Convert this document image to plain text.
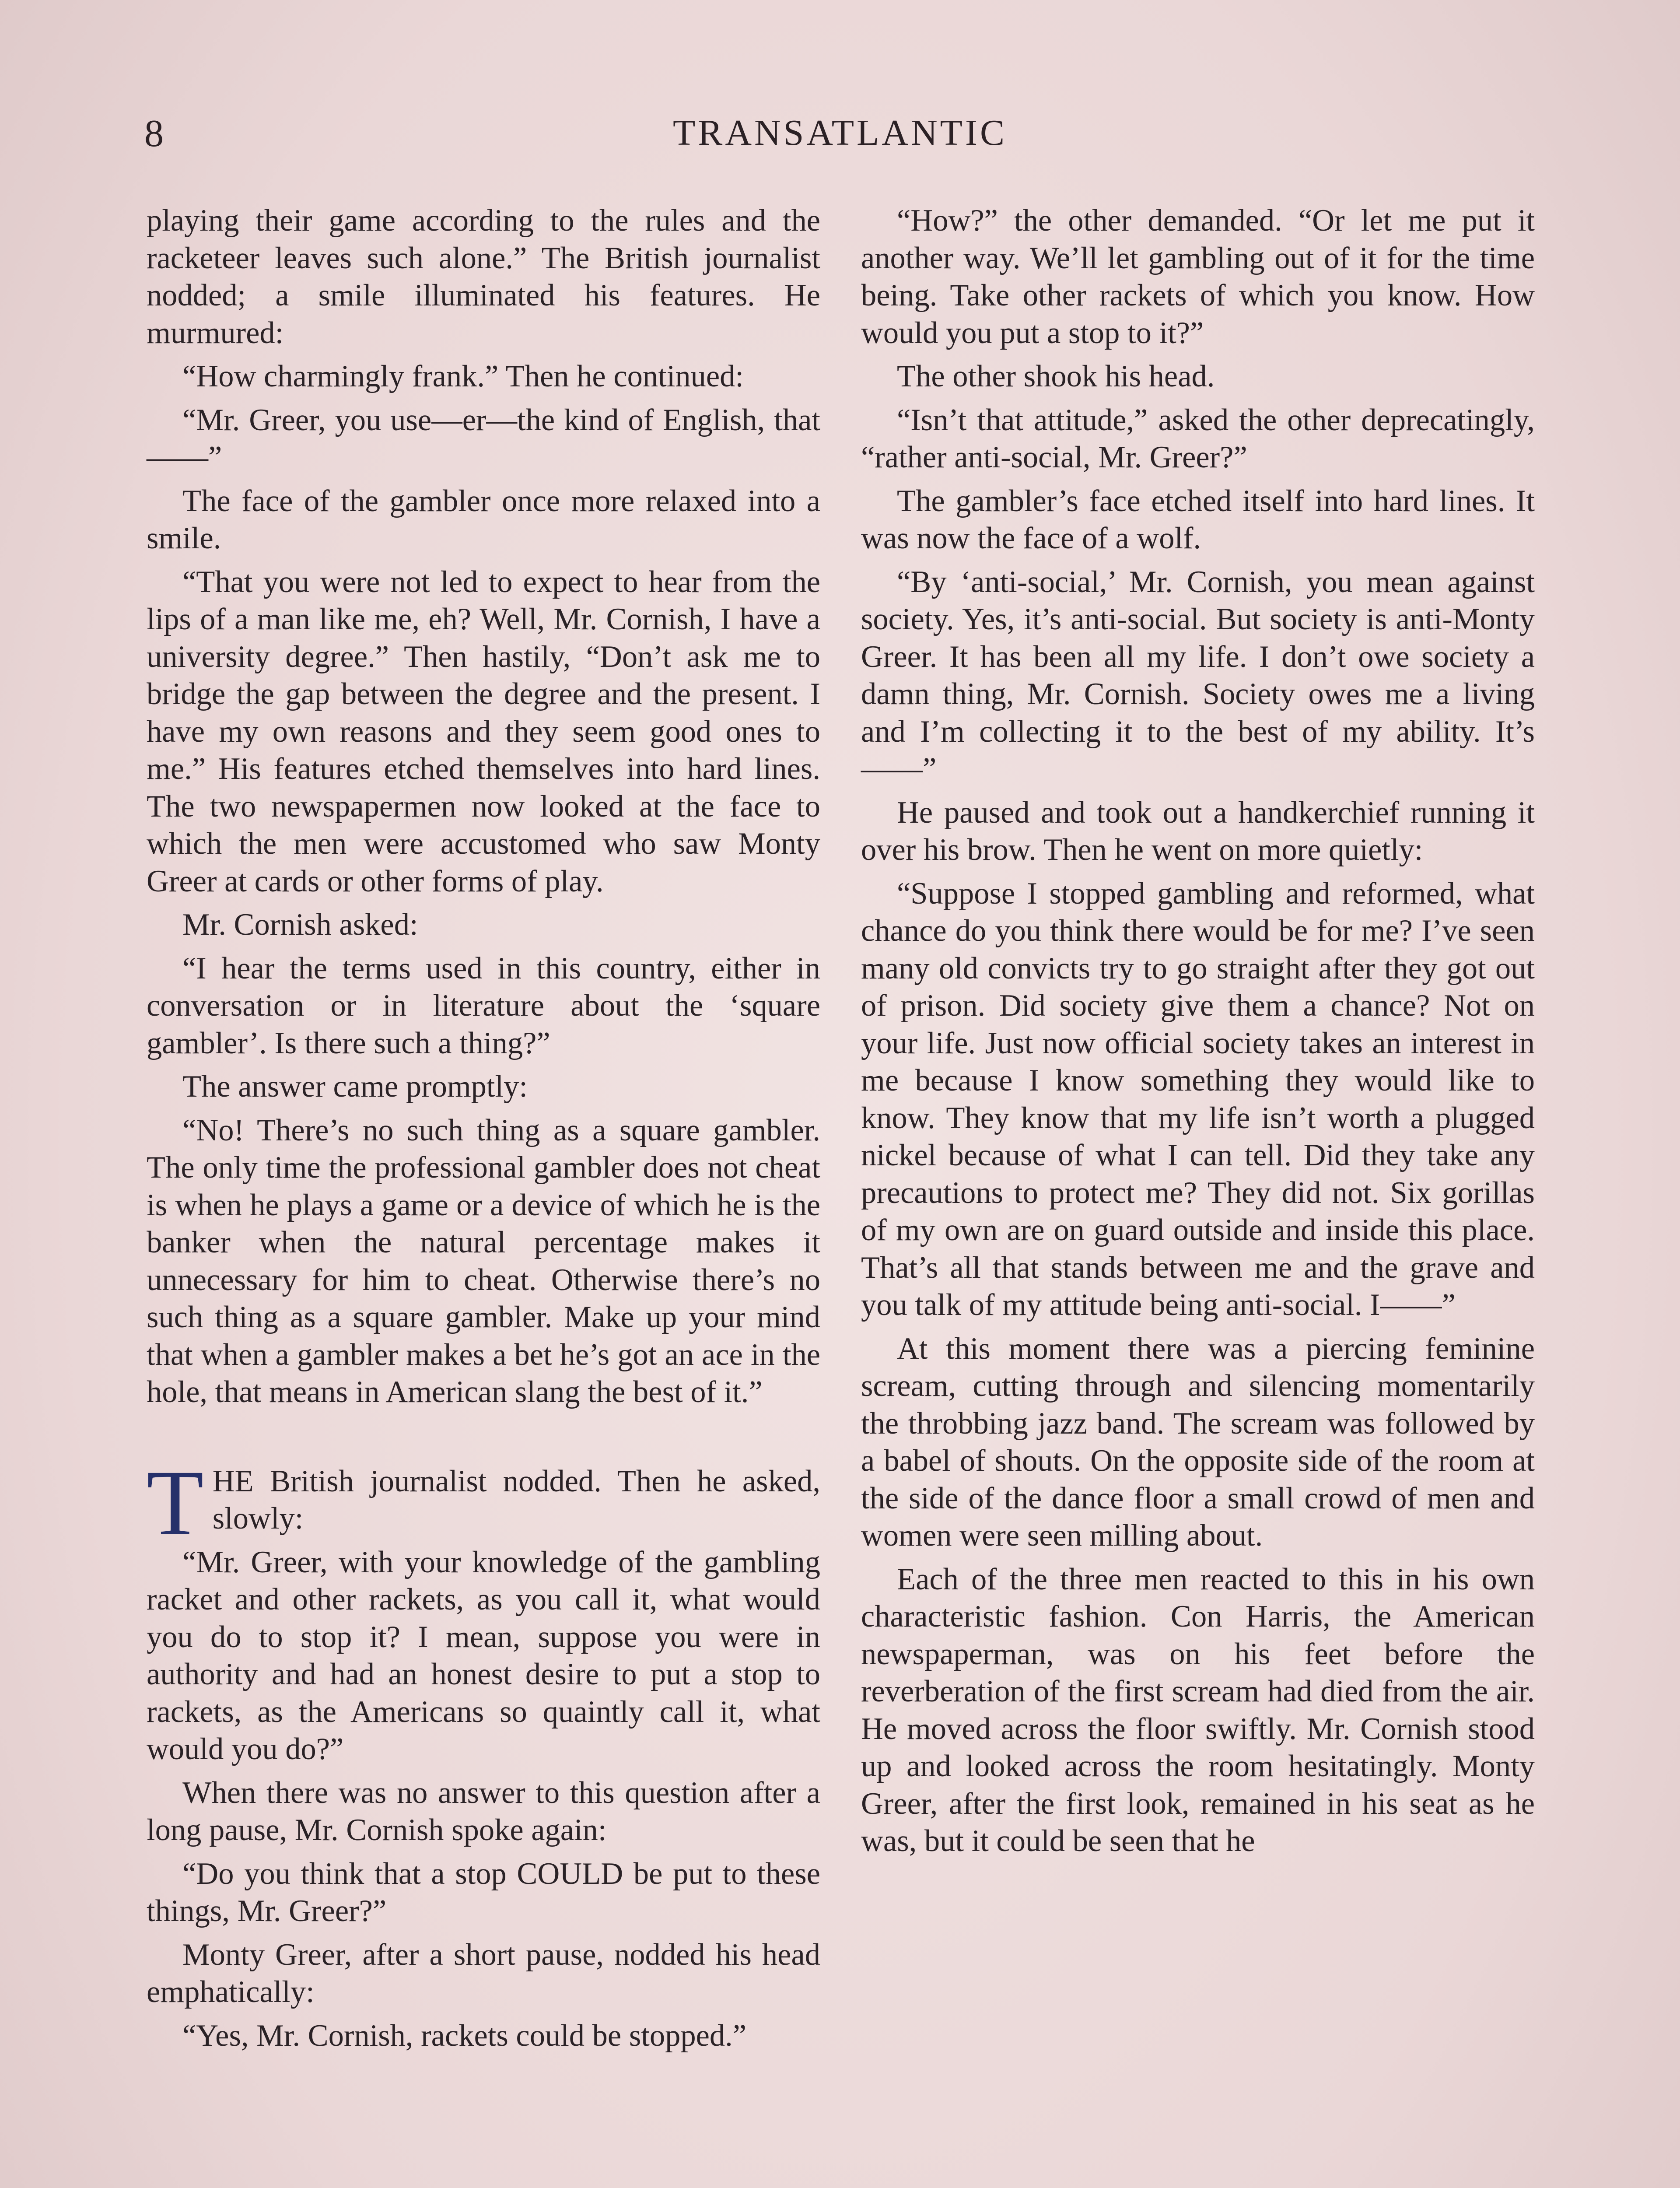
8	TRANSATLANTIC

playing their game according to the rules and the racketeer leaves such alone.” The British journalist nodded; a smile illuminated his features. He murmured:

“How charmingly frank.” Then he continued:

“Mr. Greer, you use—er—the kind of English, that——”

The face of the gambler once more relaxed into a smile.

“That you were not led to expect to hear from the lips of a man like me, eh? Well, Mr. Cornish, I have a university degree.” Then hastily, “Don’t ask me to bridge the gap between the degree and the present. I have my own reasons and they seem good ones to me.” His features etched themselves into hard lines. The two newspapermen now looked at the face to which the men were accustomed who saw Monty Greer at cards or other forms of play.

Mr. Cornish asked:

“I hear the terms used in this country, either in conversation or in literature about the ‘square gambler’. Is there such a thing?”

The answer came promptly:

“No! There’s no such thing as a square gambler. The only time the professional gambler does not cheat is when he plays a game or a device of which he is the banker when the natural percentage makes it unnecessary for him to cheat. Otherwise there’s no such thing as a square gambler. Make up your mind that when a gambler makes a bet he’s got an ace in the hole, that means in American slang the best of it.”

THE British journalist nodded. Then he asked, slowly:

“Mr. Greer, with your knowledge of the gambling racket and other rackets, as you call it, what would you do to stop it? I mean, suppose you were in authority and had an honest desire to put a stop to rackets, as the Americans so quaintly call it, what would you do?”

When there was no answer to this question after a long pause, Mr. Cornish spoke again:

“Do you think that a stop COULD be put to these things, Mr. Greer?”

Monty Greer, after a short pause, nodded his head emphatically:

“Yes, Mr. Cornish, rackets could be stopped.”

“How?” the other demanded. “Or let me put it another way. We’ll let gambling out of it for the time being. Take other rackets of which you know. How would you put a stop to it?”

The other shook his head.

“Isn’t that attitude,” asked the other deprecatingly, “rather anti-social, Mr. Greer?”

The gambler’s face etched itself into hard lines. It was now the face of a wolf.

“By ‘anti-social,’ Mr. Cornish, you mean against society. Yes, it’s anti-social. But society is anti-Monty Greer. It has been all my life. I don’t owe society a damn thing, Mr. Cornish. Society owes me a living and I’m collecting it to the best of my ability. It’s——”

He paused and took out a handkerchief running it over his brow. Then he went on more quietly:

“Suppose I stopped gambling and reformed, what chance do you think there would be for me? I’ve seen many old convicts try to go straight after they got out of prison. Did society give them a chance? Not on your life. Just now official society takes an interest in me because I know something they would like to know. They know that my life isn’t worth a plugged nickel because of what I can tell. Did they take any precautions to protect me? They did not. Six gorillas of my own are on guard outside and inside this place. That’s all that stands between me and the grave and you talk of my attitude being anti-social. I——”

At this moment there was a piercing feminine scream, cutting through and silencing momentarily the throbbing jazz band. The scream was followed by a babel of shouts. On the opposite side of the room at the side of the dance floor a small crowd of men and women were seen milling about.

Each of the three men reacted to this in his own characteristic fashion. Con Harris, the American newspaperman, was on his feet before the reverberation of the first scream had died from the air. He moved across the floor swiftly. Mr. Cornish stood up and looked across the room hesitatingly. Monty Greer, after the first look, remained in his seat as he was, but it could be seen that he
